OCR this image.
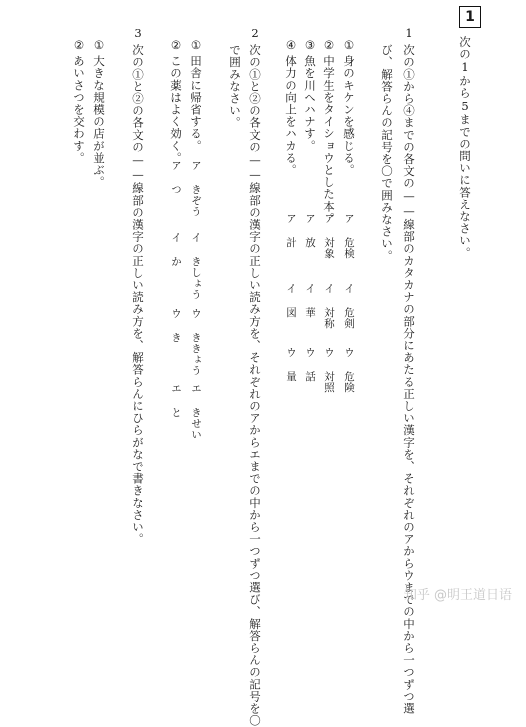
1
次の1から5までの問いに答えなさい。
1
次の①から④までの各文の——線部のカタカナの部分にあたる正しい漢字を、それぞれのアからウまでの中から一つずつ選
び、解答らんの記号を〇で囲みなさい。
①
身のキケンを感じる。
ア 危検
イ 危剣
ウ 危険
②
中学生をタイショウとした本。
ア 対象
イ 対称
ウ 対照
③
魚を川へハナす。
ア 放
イ 華
ウ 話
④
体力の向上をハカる。
ア 計
イ 図
ウ 量
2
次の①と②の各文の——線部の漢字の正しい読み方を、それぞれのアからエまでの中から一つずつ選び、解答らんの記号を〇
で囲みなさい。
①
田舎に帰省する。
ア きぞう
イ きしょう
ウ ききょう
エ きせい
②
この薬はよく効く。
ア つ
イ か
ウ き
エ と
3
次の①と②の各文の——線部の漢字の正しい読み方を、解答らんにひらがなで書きなさい。
①
大きな規模の店が並ぶ。
②
あいさつを交わす。
知乎 @明王道日语
